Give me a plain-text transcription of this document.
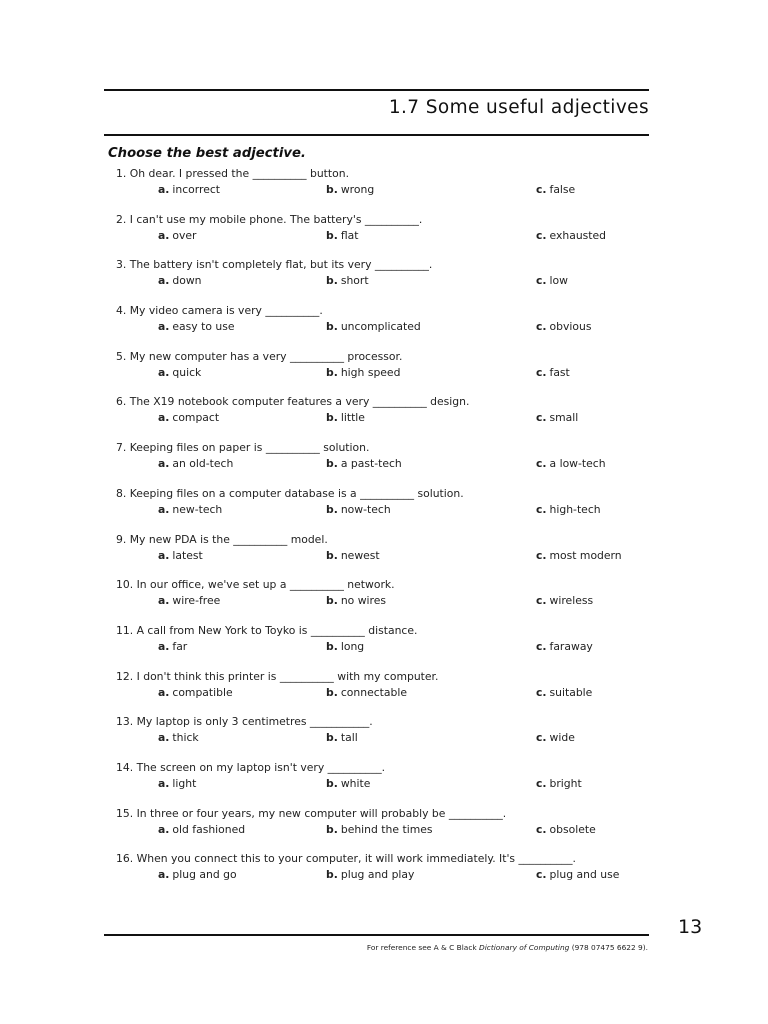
1.7 Some useful adjectives
Choose the best adjective.
1. Oh dear. I pressed the __________ button.
a. incorrect	b. wrong	c. false
2. I can't use my mobile phone. The battery's __________.
a. over	b. flat	c. exhausted
3. The battery isn't completely flat, but its very __________.
a. down	b. short	c. low
4. My video camera is very __________.
a. easy to use	b. uncomplicated	c. obvious
5. My new computer has a very __________ processor.
a. quick	b. high speed	c. fast
6. The X19 notebook computer features a very __________ design.
a. compact	b. little	c. small
7. Keeping files on paper is __________ solution.
a. an old-tech	b. a past-tech	c. a low-tech
8. Keeping files on a computer database is a __________ solution.
a. new-tech	b. now-tech	c. high-tech
9. My new PDA is the __________ model.
a. latest	b. newest	c. most modern
10. In our office, we've set up a __________ network.
a. wire-free	b. no wires	c. wireless
11. A call from New York to Toyko is __________ distance.
a. far	b. long	c. faraway
12. I don't think this printer is __________ with my computer.
a. compatible	b. connectable	c. suitable
13. My laptop is only 3 centimetres ___________.
a. thick	b. tall	c. wide
14. The screen on my laptop isn't very __________.
a. light	b. white	c. bright
15. In three or four years, my new computer will probably be __________.
a. old fashioned	b. behind the times	c. obsolete
16. When you connect this to your computer, it will work immediately. It's __________.
a. plug and go	b. plug and play	c. plug and use
13
For reference see A & C Black Dictionary of Computing (978 07475 6622 9).
